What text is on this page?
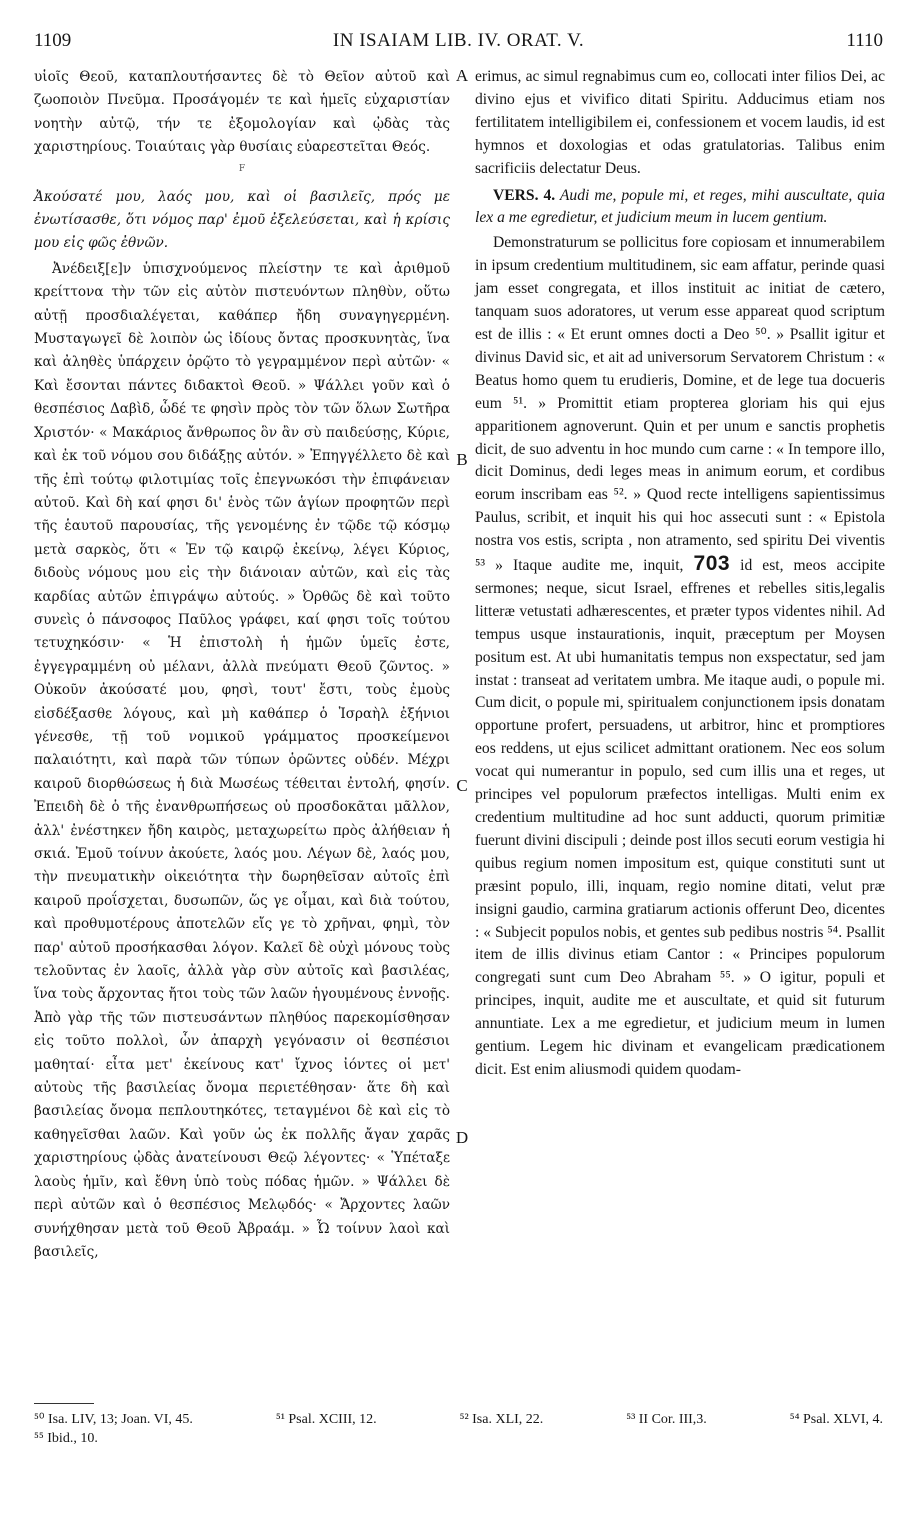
1109	IN ISAIAM LIB. IV. ORAT. V.	1110

υἱοῖς Θεοῦ, καταπλουτήσαντες δὲ τὸ Θεῖον αὐτοῦ καὶ ζωοποιὸν Πνεῦμα. Προσάγομέν τε καὶ ἡμεῖς εὐχαριστίαν νοητὴν αὐτῷ, τήν τε ἐξομολογίαν καὶ ᾠδὰς τὰς χαριστηρίους. Τοιαύταις γὰρ θυσίαις εὐαρεστεῖται Θεός.

F

Ἀκούσατέ μου, λαός μου, καὶ οἱ βασιλεῖς, πρός με ἐνωτίσασθε, ὅτι νόμος παρ' ἐμοῦ ἐξελεύσεται, καὶ ἡ κρίσις μου εἰς φῶς ἐθνῶν.

Ἀνέδειξ[ε]ν ὑπισχνούμενος πλείστην τε καὶ ἀριθμοῦ κρείττονα τὴν τῶν εἰς αὐτὸν πιστευόντων πληθὺν, οὕτω αὐτῇ προσδιαλέγεται, καθάπερ ἤδη συναγηγερμένη. Μυσταγωγεῖ δὲ λοιπὸν ὡς ἰδίους ὄντας προσκυνητὰς, ἵνα καὶ ἀληθὲς ὑπάρχειν ὁρῷτο τὸ γεγραμμένον περὶ αὐτῶν· « Καὶ ἔσονται πάντες διδακτοὶ Θεοῦ. » Ψάλλει γοῦν καὶ ὁ θεσπέσιος Δαβὶδ, ὧδέ τε φησὶν πρὸς τὸν τῶν ὅλων Σωτῆρα Χριστόν· « Μακάριος ἄνθρωπος ὃν ἂν σὺ παιδεύσῃς, Κύριε, καὶ ἐκ τοῦ νόμου σου διδάξῃς αὐτόν. » Ἐπηγγέλλετο δὲ καὶ τῆς ἐπὶ τούτῳ φιλοτιμίας τοῖς ἐπεγνωκόσι τὴν ἐπιφάνειαν αὐτοῦ. Καὶ δὴ καί φησι δι' ἑνὸς τῶν ἁγίων προφητῶν περὶ τῆς ἑαυτοῦ παρουσίας, τῆς γενομένης ἐν τῷδε τῷ κόσμῳ μετὰ σαρκὸς, ὅτι « Ἐν τῷ καιρῷ ἐκείνῳ, λέγει Κύριος, διδοὺς νόμους μου εἰς τὴν διάνοιαν αὐτῶν, καὶ εἰς τὰς καρδίας αὐτῶν ἐπιγράψω αὐτούς. » Ὀρθῶς δὲ καὶ τοῦτο συνεὶς ὁ πάνσοφος Παῦλος γράφει, καί φησι τοῖς τούτου τετυχηκόσιν· « Ἡ ἐπιστολὴ ἡ ἡμῶν ὑμεῖς ἐστε, ἐγγεγραμμένη οὐ μέλανι, ἀλλὰ πνεύματι Θεοῦ ζῶντος. » Οὐκοῦν ἀκούσατέ μου, φησὶ, τουτ' ἔστι, τοὺς ἐμοὺς εἰσδέξασθε λόγους, καὶ μὴ καθάπερ ὁ Ἰσραὴλ ἐξήνιοι γένεσθε, τῇ τοῦ νομικοῦ γράμματος προσκείμενοι παλαιότητι, καὶ παρὰ τῶν τύπων ὁρῶντες οὐδέν. Μέχρι καιροῦ διορθώσεως ἡ διὰ Μωσέως τέθειται ἐντολή, φησίν. Ἐπειδὴ δὲ ὁ τῆς ἐνανθρωπήσεως οὐ προσδοκᾶται μᾶλλον, ἀλλ' ἐνέστηκεν ἤδη καιρὸς, μεταχωρείτω πρὸς ἀλήθειαν ἡ σκιά. Ἐμοῦ τοίνυν ἀκούετε, λαός μου. Λέγων δὲ, λαός μου, τὴν πνευματικὴν οἰκειότητα τὴν δωρηθεῖσαν αὐτοῖς ἐπὶ καιροῦ προΐσχεται, δυσωπῶν, ὥς γε οἶμαι, καὶ διὰ τούτου, καὶ προθυμοτέρους ἀποτελῶν εἴς γε τὸ χρῆναι, φημὶ, τὸν παρ' αὐτοῦ προσήκασθαι λόγον. Καλεῖ δὲ οὐχὶ μόνους τοὺς τελοῦντας ἐν λαοῖς, ἀλλὰ γὰρ σὺν αὐτοῖς καὶ βασιλέας, ἵνα τοὺς ἄρχοντας ἤτοι τοὺς τῶν λαῶν ἡγουμένους ἐννοῇς. Ἀπὸ γὰρ τῆς τῶν πιστευσάντων πληθύος παρεκομίσθησαν εἰς τοῦτο πολλοὶ, ὧν ἀπαρχὴ γεγόνασιν οἱ θεσπέσιοι μαθηταί· εἶτα μετ' ἐκείνους κατ' ἴχνος ἰόντες οἱ μετ' αὐτοὺς τῆς βασιλείας ὄνομα περιετέθησαν· ἅτε δὴ καὶ βασιλείας ὄνομα πεπλουτηκότες, τεταγμένοι δὲ καὶ εἰς τὸ καθηγεῖσθαι λαῶν. Καὶ γοῦν ὡς ἐκ πολλῆς ἄγαν χαρᾶς χαριστηρίους ᾠδὰς ἀνατείνουσι Θεῷ λέγοντες· « Ὑπέταξε λαοὺς ἡμῖν, καὶ ἔθνη ὑπὸ τοὺς πόδας ἡμῶν. » Ψάλλει δὲ περὶ αὐτῶν καὶ ὁ θεσπέσιος Μελῳδός· « Ἄρχοντες λαῶν συνήχθησαν μετὰ τοῦ Θεοῦ Ἀβραάμ. » Ὦ τοίνυν λαοὶ καὶ βασιλεῖς,

A
B
C
D

erimus, ac simul regnabimus cum eo, collocati inter filios Dei, ac divino ejus et vivifico ditati Spiritu. Adducimus etiam nos fertilitatem intelligibilem ei, confessionem et vocem laudis, id est hymnos et doxologias et odas gratulatorias. Talibus enim sacrificiis delectatur Deus.

VERS. 4. Audi me, popule mi, et reges, mihi auscultate, quia lex a me egredietur, et judicium meum in lucem gentium.

Demonstraturum se pollicitus fore copiosam et innumerabilem in ipsum credentium multitudinem, sic eam affatur, perinde quasi jam esset congregata, et illos instituit ac initiat de cætero, tanquam suos adoratores, ut verum esse appareat quod scriptum est de illis : « Et erunt omnes docti a Deo ⁵⁰. » Psallit igitur et divinus David sic, et ait ad universorum Servatorem Christum : « Beatus homo quem tu erudieris, Domine, et de lege tua docueris eum ⁵¹. » Promittit etiam propterea gloriam his qui ejus apparitionem agnoverunt. Quin et per unum e sanctis prophetis dicit, de suo adventu in hoc mundo cum carne : « In tempore illo, dicit Dominus, dedi leges meas in animum eorum, et cordibus eorum inscribam eas ⁵². » Quod recte intelligens sapientissimus Paulus, scribit, et inquit his qui hoc assecuti sunt : « Epistola nostra vos estis, scripta , non atramento, sed spiritu Dei viventis ⁵³ » Itaque audite me, inquit, 703 id est, meos accipite sermones; neque, sicut Israel, effrenes et rebelles sitis,legalis litteræ vetustati adhærescentes, et præter typos videntes nihil. Ad tempus usque instaurationis, inquit, præceptum per Moysen positum est. At ubi humanitatis tempus non exspectatur, sed jam instat : transeat ad veritatem umbra. Me itaque audi, o popule mi. Cum dicit, o popule mi, spiritualem conjunctionem ipsis donatam opportune profert, persuadens, ut arbitror, hinc et promptiores eos reddens, ut ejus scilicet admittant orationem. Nec eos solum vocat qui numerantur in populo, sed cum illis una et reges, ut principes vel populorum præfectos intelligas. Multi enim ex credentium multitudine ad hoc sunt adducti, quorum primitiæ fuerunt divini discipuli ; deinde post illos secuti eorum vestigia hi quibus regium nomen impositum est, quique constituti sunt ut præsint populo, illi, inquam, regio nomine ditati, velut præ insigni gaudio, carmina gratiarum actionis offerunt Deo, dicentes : « Subjecit populos nobis, et gentes sub pedibus nostris ⁵⁴. Psallit item de illis divinus etiam Cantor : « Principes populorum congregati sunt cum Deo Abraham ⁵⁵. » O igitur, populi et principes, inquit, audite me et auscultate, et quid sit futurum annuntiate. Lex a me egredietur, et judicium meum in lumen gentium. Legem hic divinam et evangelicam prædicationem dicit. Est enim aliusmodi quidem quodam-

⁵⁰ Isa. LIV, 13; Joan. VI, 45.	⁵¹ Psal. XCIII, 12.	⁵² Isa. XLI, 22.	⁵³ II Cor. III,3.	⁵⁴ Psal. XLVI, 4.
⁵⁵ Ibid., 10.
